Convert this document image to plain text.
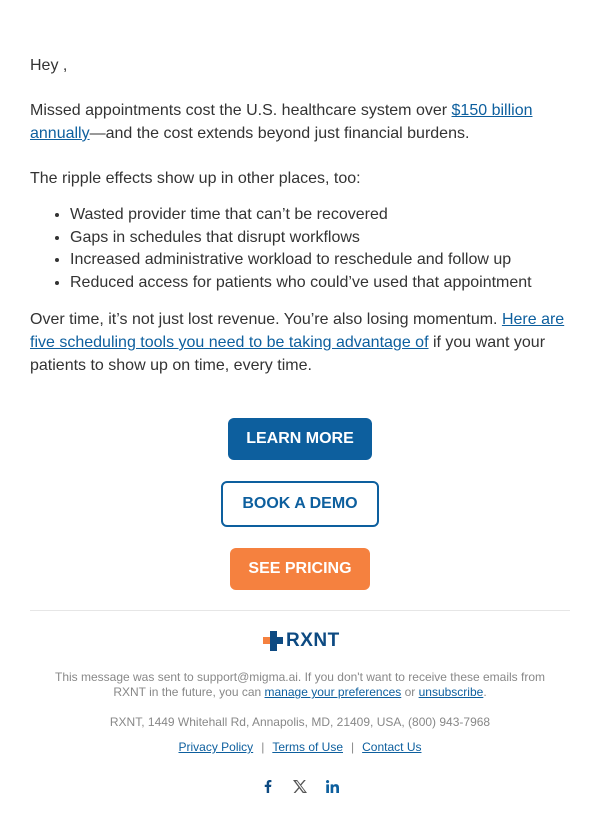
Hey ,

Missed appointments cost the U.S. healthcare system over $150 billion annually—and the cost extends beyond just financial burdens.

The ripple effects show up in other places, too:

• Wasted provider time that can’t be recovered
• Gaps in schedules that disrupt workflows
• Increased administrative workload to reschedule and follow up
• Reduced access for patients who could’ve used that appointment

Over time, it’s not just lost revenue. You’re also losing momentum. Here are five scheduling tools you need to be taking advantage of if you want your patients to show up on time, every time.

LEARN MORE
BOOK A DEMO
SEE PRICING
RXNT
This message was sent to support@migma.ai. If you don't want to receive these emails from RXNT in the future, you can manage your preferences or unsubscribe.
RXNT, 1449 Whitehall Rd, Annapolis, MD, 21409, USA, (800) 943-7968
Privacy Policy | Terms of Use | Contact Us
